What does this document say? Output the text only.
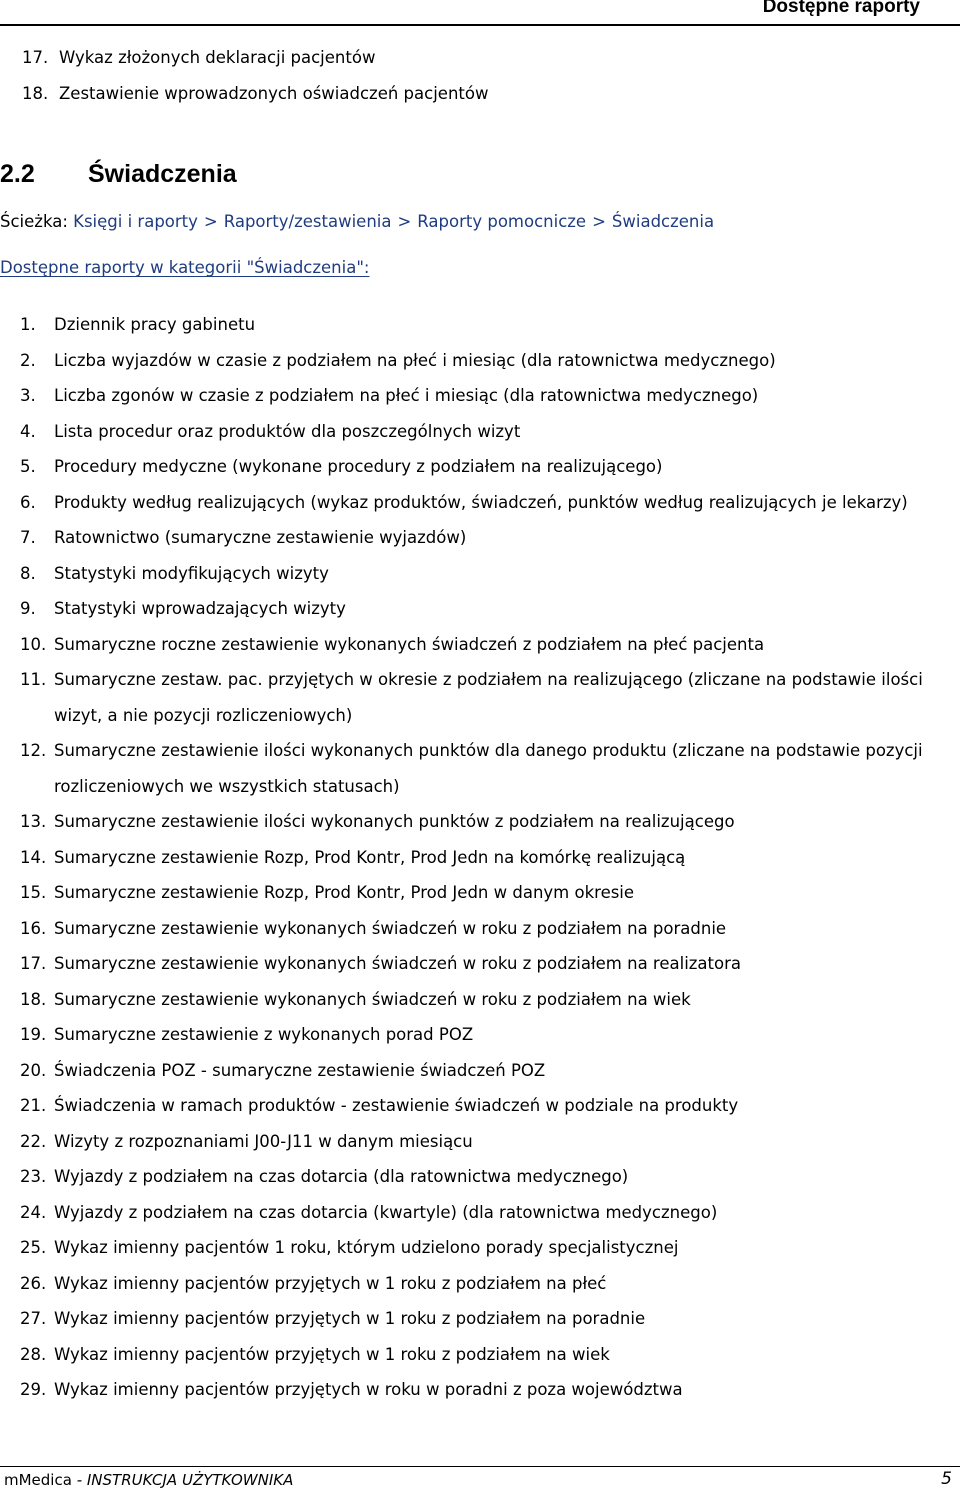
Dostępne raporty
17. Wykaz złożonych deklaracji pacjentów
18. Zestawienie wprowadzonych oświadczeń pacjentów
2.2 Świadczenia
Ścieżka: Księgi i raporty > Raporty/zestawienia > Raporty pomocnicze > Świadczenia
Dostępne raporty w kategorii "Świadczenia":
1.	Dziennik pracy gabinetu
2.	Liczba wyjazdów w czasie z podziałem na płeć i miesiąc (dla ratownictwa medycznego)
3.	Liczba zgonów w czasie z podziałem na płeć i miesiąc (dla ratownictwa medycznego)
4.	Lista procedur oraz produktów dla poszczególnych wizyt
5.	Procedury medyczne (wykonane procedury z podziałem na realizującego)
6.	Produkty według realizujących (wykaz produktów, świadczeń, punktów według realizujących je lekarzy)
7.	Ratownictwo (sumaryczne zestawienie wyjazdów)
8.	Statystyki modyfikujących wizyty
9.	Statystyki wprowadzających wizyty
10. Sumaryczne roczne zestawienie wykonanych świadczeń z podziałem na płeć pacjenta
11. Sumaryczne zestaw. pac. przyjętych w okresie z podziałem na realizującego (zliczane na podstawie ilości wizyt, a nie pozycji rozliczeniowych)
12. Sumaryczne zestawienie ilości wykonanych punktów dla danego produktu (zliczane na podstawie pozycji rozliczeniowych we wszystkich statusach)
13. Sumaryczne zestawienie ilości wykonanych punktów z podziałem na realizującego
14. Sumaryczne zestawienie Rozp, Prod Kontr, Prod Jedn na komórkę realizującą
15. Sumaryczne zestawienie Rozp, Prod Kontr, Prod Jedn w danym okresie
16. Sumaryczne zestawienie wykonanych świadczeń w roku z podziałem na poradnie
17. Sumaryczne zestawienie wykonanych świadczeń w roku z podziałem na realizatora
18. Sumaryczne zestawienie wykonanych świadczeń w roku z podziałem na wiek
19. Sumaryczne zestawienie z wykonanych porad POZ
20. Świadczenia POZ - sumaryczne zestawienie świadczeń POZ
21. Świadczenia w ramach produktów - zestawienie świadczeń w podziale na produkty
22. Wizyty z rozpoznaniami J00-J11 w danym miesiącu
23. Wyjazdy z podziałem na czas dotarcia (dla ratownictwa medycznego)
24. Wyjazdy z podziałem na czas dotarcia (kwartyle) (dla ratownictwa medycznego)
25. Wykaz imienny pacjentów 1 roku, którym udzielono porady specjalistycznej
26. Wykaz imienny pacjentów przyjętych w 1 roku z podziałem na płeć
27. Wykaz imienny pacjentów przyjętych w 1 roku z podziałem na poradnie
28. Wykaz imienny pacjentów przyjętych w 1 roku z podziałem na wiek
29. Wykaz imienny pacjentów przyjętych w roku w poradni z poza województwa
mMedica - INSTRUKCJA UŻYTKOWNIKA	5
